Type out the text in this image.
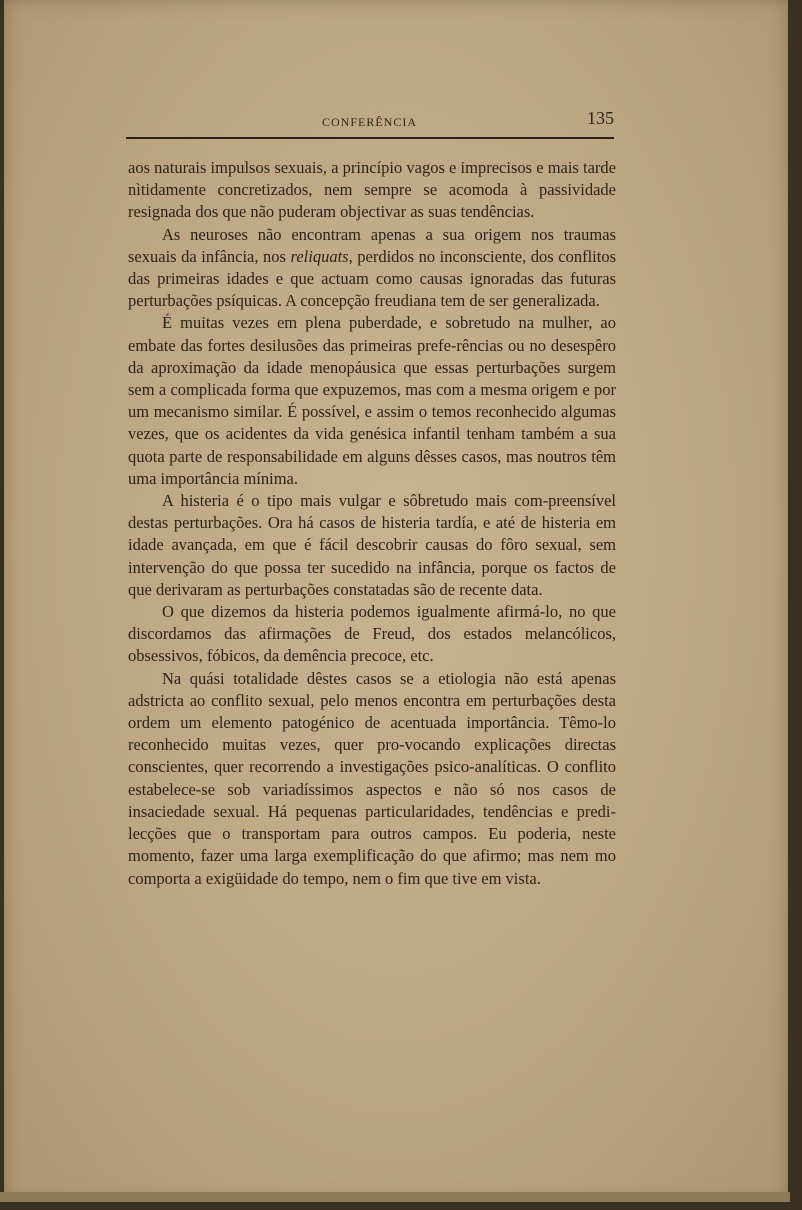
CONFERÊNCIA	135

aos naturais impulsos sexuais, a princípio vagos e imprecisos e mais tarde nìtidamente concretizados, nem sempre se acomoda à passividade resignada dos que não puderam objectivar as suas tendências.

As neuroses não encontram apenas a sua origem nos traumas sexuais da infância, nos reliquats, perdidos no inconsciente, dos conflitos das primeiras idades e que actuam como causas ignoradas das futuras perturbações psíquicas. A concepção freudiana tem de ser generalizada.

É muitas vezes em plena puberdade, e sobretudo na mulher, ao embate das fortes desilusões das primeiras prefe-rências ou no desespêro da aproximação da idade menopáusica que essas perturbações surgem sem a complicada forma que expuzemos, mas com a mesma origem e por um mecanismo similar. É possível, e assim o temos reconhecido algumas vezes, que os acidentes da vida genésica infantil tenham também a sua quota parte de responsabilidade em alguns dêsses casos, mas noutros têm uma importância mínima.

A histeria é o tipo mais vulgar e sôbretudo mais com-preensível destas perturbações. Ora há casos de histeria tardía, e até de histeria em idade avançada, em que é fácil descobrir causas do fôro sexual, sem intervenção do que possa ter sucedido na infância, porque os factos de que derivaram as perturbações constatadas são de recente data.

O que dizemos da histeria podemos igualmente afirmá-lo, no que discordamos das afirmações de Freud, dos estados melancólicos, obsessivos, fóbicos, da demência precoce, etc.

Na quási totalidade dêstes casos se a etiologia não está apenas adstricta ao conflito sexual, pelo menos encontra em perturbações desta ordem um elemento patogénico de acentuada importância. Têmo-lo reconhecido muitas vezes, quer pro-vocando explicações directas conscientes, quer recorrendo a investigações psico-analíticas. O conflito estabelece-se sob variadíssimos aspectos e não só nos casos de insaciedade sexual. Há pequenas particularidades, tendências e predi-lecções que o transportam para outros campos. Eu poderia, neste momento, fazer uma larga exemplificação do que afirmo; mas nem mo comporta a exigüidade do tempo, nem o fim que tive em vista.
